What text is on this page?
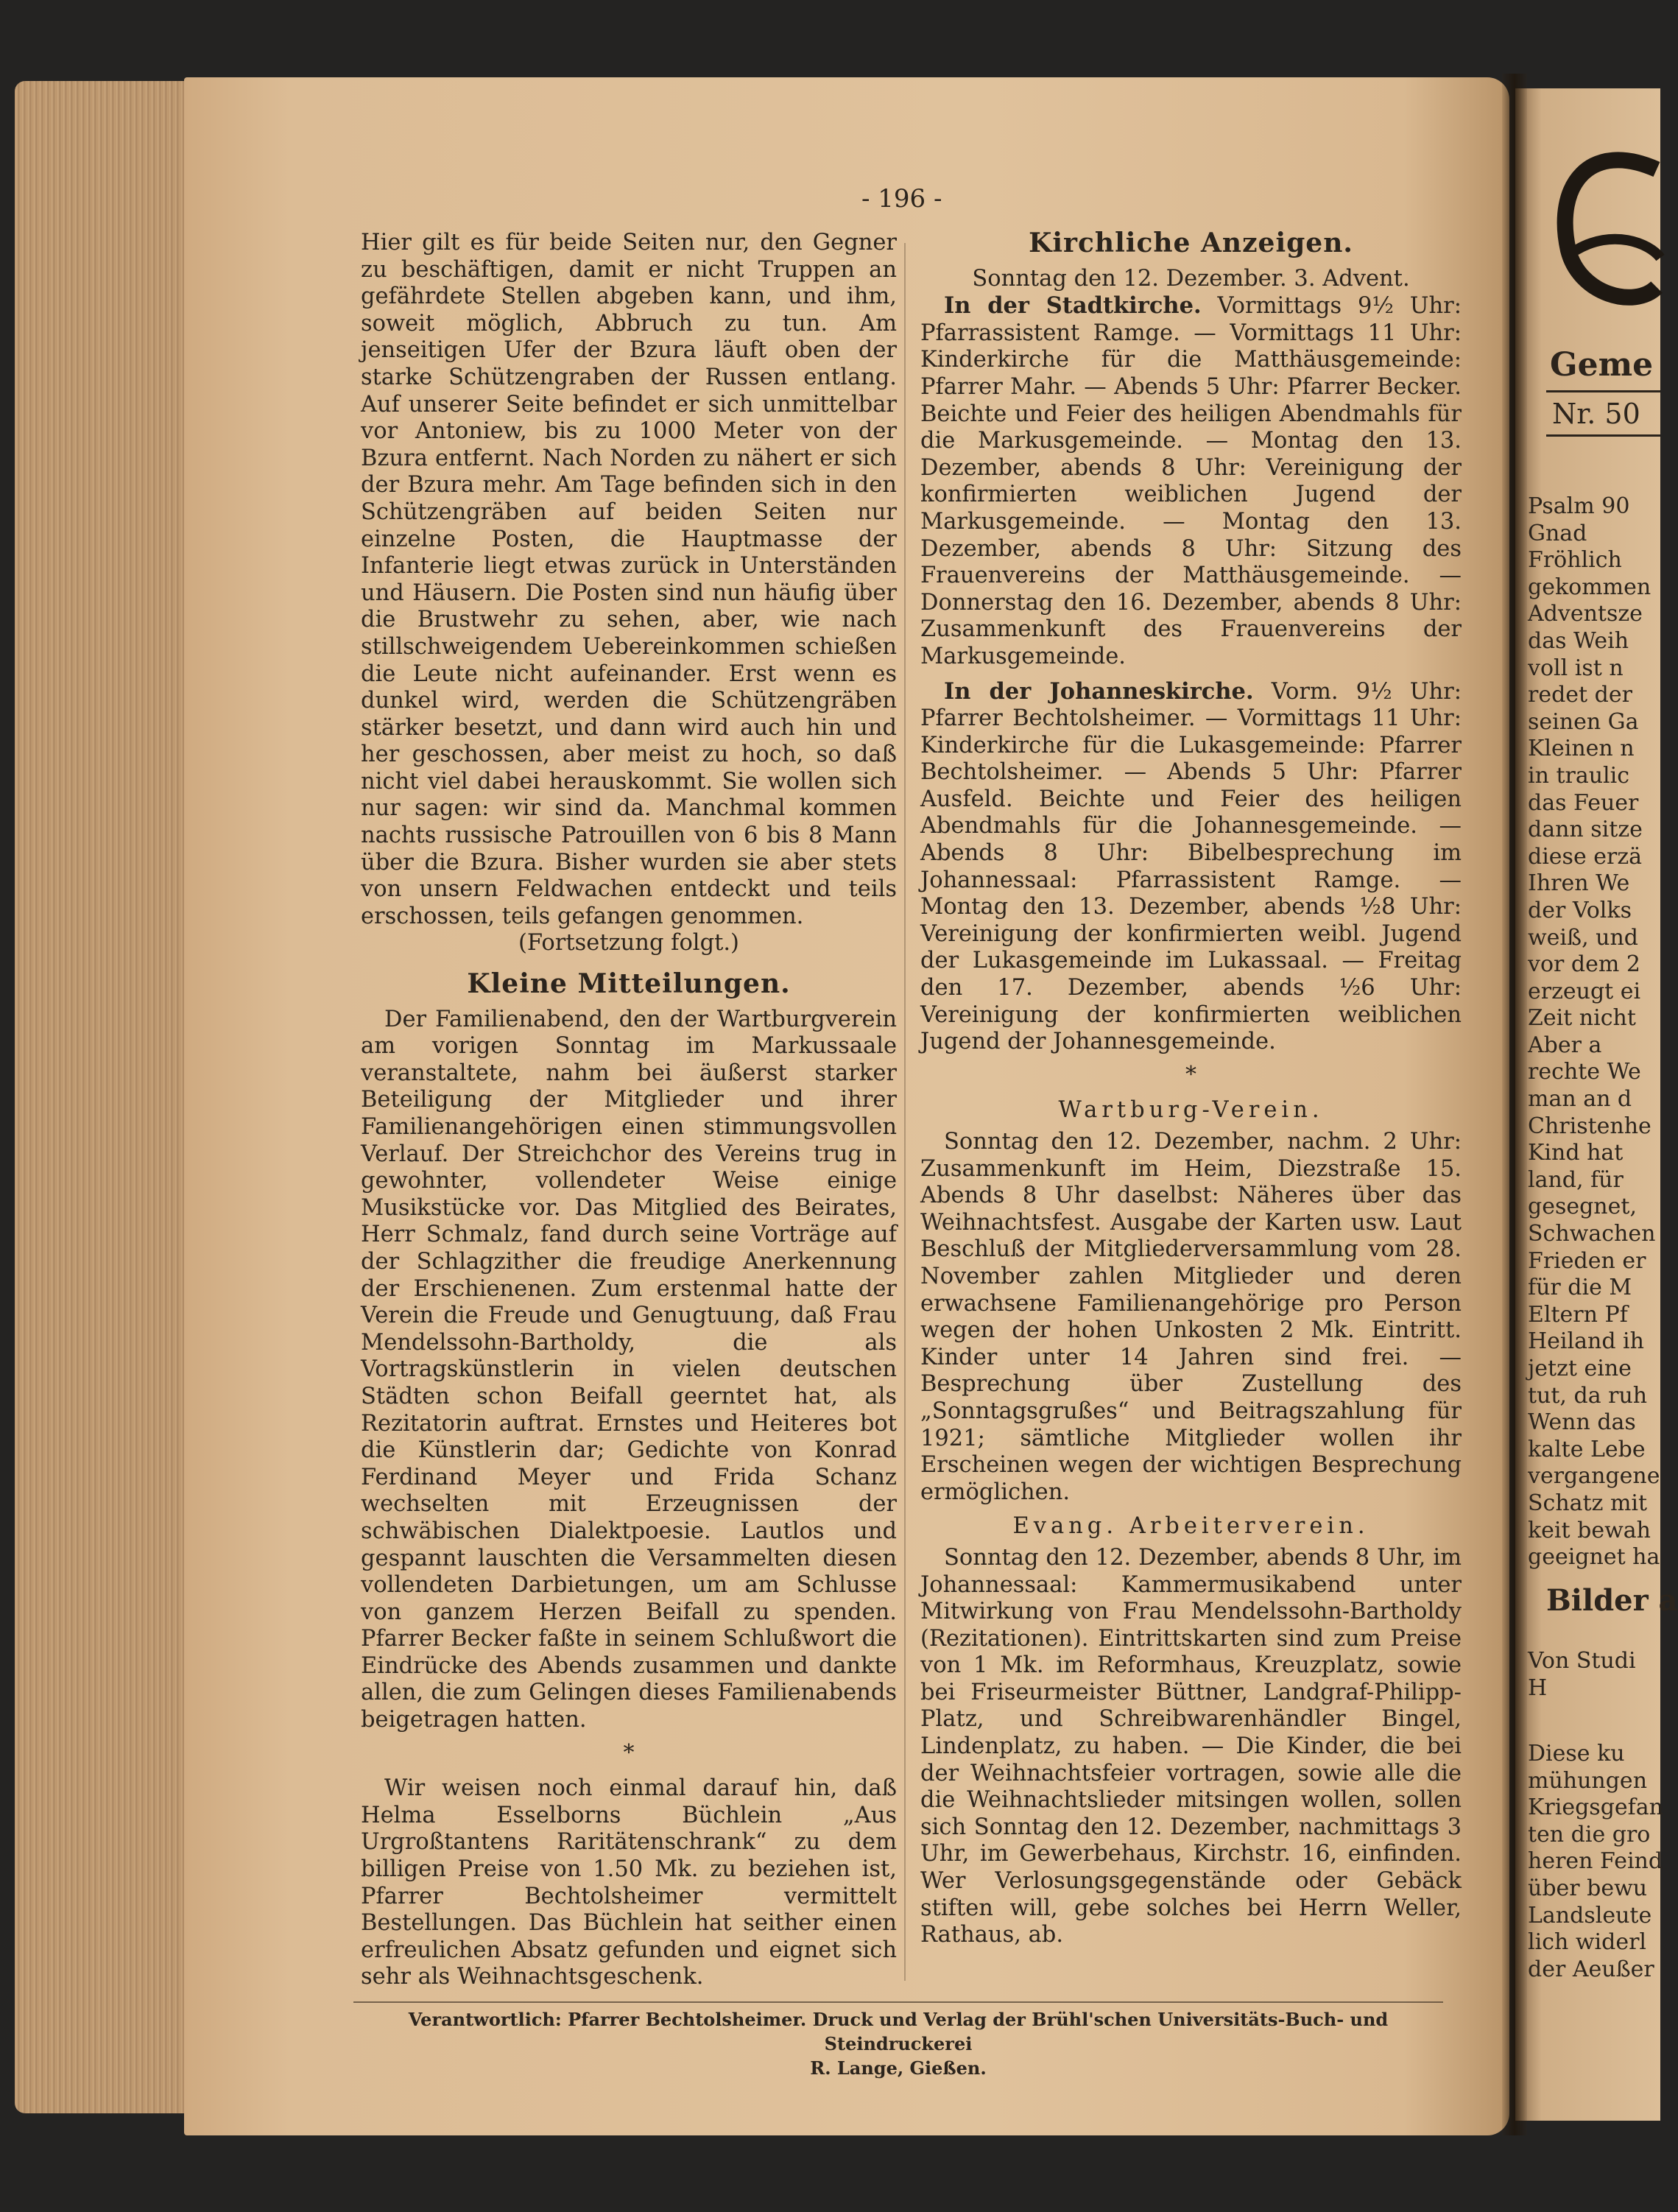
- 196 -

Hier gilt es für beide Seiten nur, den Gegner zu beschäftigen, damit er nicht Truppen an gefährdete Stellen abgeben kann, und ihm, soweit möglich, Abbruch zu tun. Am jenseitigen Ufer der Bzura läuft oben der starke Schützengraben der Russen entlang. Auf unserer Seite befindet er sich unmittelbar vor Antoniew, bis zu 1000 Meter von der Bzura entfernt. Nach Norden zu nähert er sich der Bzura mehr. Am Tage befinden sich in den Schützengräben auf beiden Seiten nur einzelne Posten, die Hauptmasse der Infanterie liegt etwas zurück in Unterständen und Häusern. Die Posten sind nun häufig über die Brustwehr zu sehen, aber, wie nach stillschweigendem Uebereinkommen schießen die Leute nicht aufeinander. Erst wenn es dunkel wird, werden die Schützengräben stärker besetzt, und dann wird auch hin und her geschossen, aber meist zu hoch, so daß nicht viel dabei herauskommt. Sie wollen sich nur sagen: wir sind da. Manchmal kommen nachts russische Patrouillen von 6 bis 8 Mann über die Bzura. Bisher wurden sie aber stets von unsern Feldwachen entdeckt und teils erschossen, teils gefangen genommen.

(Fortsetzung folgt.)

Kleine Mitteilungen.

Der Familienabend, den der Wartburgverein am vorigen Sonntag im Markussaale veranstaltete, nahm bei äußerst starker Beteiligung der Mitglieder und ihrer Familienangehörigen einen stimmungsvollen Verlauf. Der Streichchor des Vereins trug in gewohnter, vollendeter Weise einige Musikstücke vor. Das Mitglied des Beirates, Herr Schmalz, fand durch seine Vorträge auf der Schlagzither die freudige Anerkennung der Erschienenen. Zum erstenmal hatte der Verein die Freude und Genugtuung, daß Frau Mendelssohn-Bartholdy, die als Vortragskünstlerin in vielen deutschen Städten schon Beifall geerntet hat, als Rezitatorin auftrat. Ernstes und Heiteres bot die Künstlerin dar; Gedichte von Konrad Ferdinand Meyer und Frida Schanz wechselten mit Erzeugnissen der schwäbischen Dialektpoesie. Lautlos und gespannt lauschten die Versammelten diesen vollendeten Darbietungen, um am Schlusse von ganzem Herzen Beifall zu spenden. Pfarrer Becker faßte in seinem Schlußwort die Eindrücke des Abends zusammen und dankte allen, die zum Gelingen dieses Familienabends beigetragen hatten.

*

Wir weisen noch einmal darauf hin, daß Helma Esselborns Büchlein „Aus Urgroßtantens Raritätenschrank“ zu dem billigen Preise von 1.50 Mk. zu beziehen ist, Pfarrer Bechtolsheimer vermittelt Bestellungen. Das Büchlein hat seither einen erfreulichen Absatz gefunden und eignet sich sehr als Weihnachtsgeschenk.

Kirchliche Anzeigen.

Sonntag den 12. Dezember. 3. Advent.

In der Stadtkirche. Vormittags 9½ Uhr: Pfarrassistent Ramge. — Vormittags 11 Uhr: Kinderkirche für die Matthäusgemeinde: Pfarrer Mahr. — Abends 5 Uhr: Pfarrer Becker. Beichte und Feier des heiligen Abendmahls für die Markusgemeinde. — Montag den 13. Dezember, abends 8 Uhr: Vereinigung der konfirmierten weiblichen Jugend der Markusgemeinde. — Montag den 13. Dezember, abends 8 Uhr: Sitzung des Frauenvereins der Matthäusgemeinde. — Donnerstag den 16. Dezember, abends 8 Uhr: Zusammenkunft des Frauenvereins der Markusgemeinde.

In der Johanneskirche. Vorm. 9½ Uhr: Pfarrer Bechtolsheimer. — Vormittags 11 Uhr: Kinderkirche für die Lukasgemeinde: Pfarrer Bechtolsheimer. — Abends 5 Uhr: Pfarrer Ausfeld. Beichte und Feier des heiligen Abendmahls für die Johannesgemeinde. — Abends 8 Uhr: Bibelbesprechung im Johannessaal: Pfarrassistent Ramge. — Montag den 13. Dezember, abends ½8 Uhr: Vereinigung der konfirmierten weibl. Jugend der Lukasgemeinde im Lukassaal. — Freitag den 17. Dezember, abends ½6 Uhr: Vereinigung der konfirmierten weiblichen Jugend der Johannesgemeinde.

*
Wartburg-Verein.

Sonntag den 12. Dezember, nachm. 2 Uhr: Zusammenkunft im Heim, Diezstraße 15. Abends 8 Uhr daselbst: Näheres über das Weihnachtsfest. Ausgabe der Karten usw. Laut Beschluß der Mitgliederversammlung vom 28. November zahlen Mitglieder und deren erwachsene Familienangehörige pro Person wegen der hohen Unkosten 2 Mk. Eintritt. Kinder unter 14 Jahren sind frei. — Besprechung über Zustellung des „Sonntagsgrußes“ und Beitragszahlung für 1921; sämtliche Mitglieder wollen ihr Erscheinen wegen der wichtigen Besprechung ermöglichen.

Evang. Arbeiterverein.

Sonntag den 12. Dezember, abends 8 Uhr, im Johannessaal: Kammermusikabend unter Mitwirkung von Frau Mendelssohn-Bartholdy (Rezitationen). Eintrittskarten sind zum Preise von 1 Mk. im Reformhaus, Kreuzplatz, sowie bei Friseurmeister Büttner, Landgraf-Philipp-Platz, und Schreibwarenhändler Bingel, Lindenplatz, zu haben. — Die Kinder, die bei der Weihnachtsfeier vortragen, sowie alle die die Weihnachtslieder mitsingen wollen, sollen sich Sonntag den 12. Dezember, nachmittags 3 Uhr, im Gewerbehaus, Kirchstr. 16, einfinden. Wer Verlosungsgegenstände oder Gebäck stiften will, gebe solches bei Herrn Weller, Rathaus, ab.

Verantwortlich: Pfarrer Bechtolsheimer. Druck und Verlag der Brühl'schen Universitäts-Buch- und Steindruckerei
R. Lange, Gießen.
Geme
Nr. 50
Psalm 90
Gnad
Fröhlich
gekommen
Adventsze
das Weih
voll ist n
redet der
seinen Ga
Kleinen n
in traulic
das Feuer
dann sitze
diese erzä
Ihren We
der Volks
weiß, und
vor dem 2
erzeugt ei
Zeit nicht
Aber a
rechte We
man an d
Christenhe
Kind hat
land, für
gesegnet,
Schwachen
Frieden er
für die M
Eltern Pf
Heiland ih
jetzt eine
tut, da ruh
Wenn das
kalte Lebe
vergangene
Schatz mit
keit bewah
geeignet ha
Bilder a
Von Studi
H
Diese ku
mühungen
Kriegsgefan
ten die gro
heren Feind
über bewu
Landsleute
lich widerl
der Aeußer
